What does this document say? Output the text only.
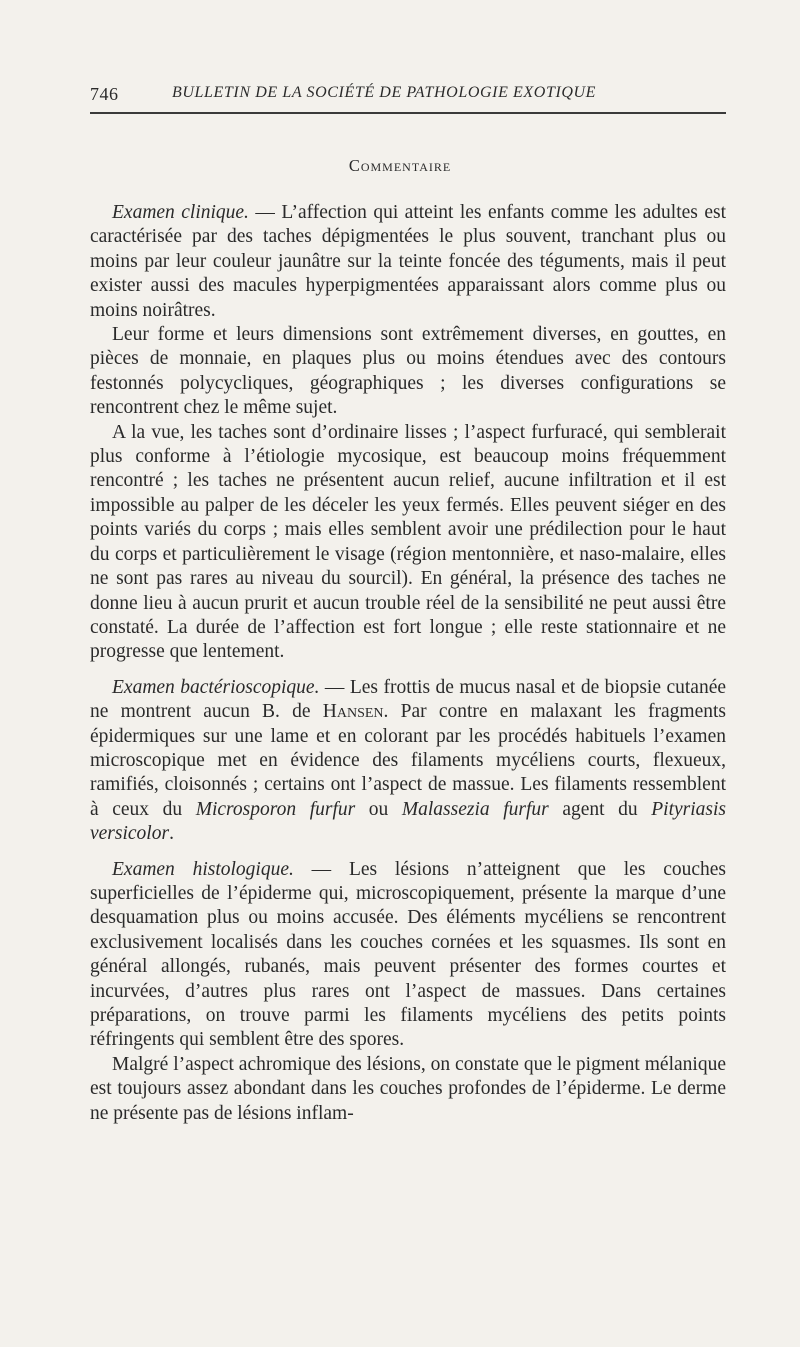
746	BULLETIN DE LA SOCIÉTÉ DE PATHOLOGIE EXOTIQUE
Commentaire

Examen clinique. — L’affection qui atteint les enfants comme les adultes est caractérisée par des taches dépigmentées le plus souvent, tranchant plus ou moins par leur couleur jaunâtre sur la teinte foncée des téguments, mais il peut exister aussi des macules hyperpigmentées apparaissant alors comme plus ou moins noirâtres.

Leur forme et leurs dimensions sont extrêmement diverses, en gouttes, en pièces de monnaie, en plaques plus ou moins étendues avec des contours festonnés polycycliques, géographiques ; les diverses configurations se rencontrent chez le même sujet.

A la vue, les taches sont d’ordinaire lisses ; l’aspect furfuracé, qui semblerait plus conforme à l’étiologie mycosique, est beaucoup moins fréquemment rencontré ; les taches ne présentent aucun relief, aucune infiltration et il est impossible au palper de les déceler les yeux fermés. Elles peuvent siéger en des points variés du corps ; mais elles semblent avoir une prédilection pour le haut du corps et particulièrement le visage (région mentonnière, et naso-malaire, elles ne sont pas rares au niveau du sourcil). En général, la présence des taches ne donne lieu à aucun prurit et aucun trouble réel de la sensibilité ne peut aussi être constaté. La durée de l’affection est fort longue ; elle reste stationnaire et ne progresse que lentement.

Examen bactérioscopique. — Les frottis de mucus nasal et de biopsie cutanée ne montrent aucun B. de Hansen. Par contre en malaxant les fragments épidermiques sur une lame et en colorant par les procédés habituels l’examen microscopique met en évidence des filaments mycéliens courts, flexueux, ramifiés, cloisonnés ; certains ont l’aspect de massue. Les filaments ressemblent à ceux du Microsporon furfur ou Malassezia furfur agent du Pityriasis versicolor.

Examen histologique. — Les lésions n’atteignent que les couches superficielles de l’épiderme qui, microscopiquement, présente la marque d’une desquamation plus ou moins accusée. Des éléments mycéliens se rencontrent exclusivement localisés dans les couches cornées et les squasmes. Ils sont en général allongés, rubanés, mais peuvent présenter des formes courtes et incurvées, d’autres plus rares ont l’aspect de massues. Dans certaines préparations, on trouve parmi les filaments mycéliens des petits points réfringents qui semblent être des spores.

Malgré l’aspect achromique des lésions, on constate que le pigment mélanique est toujours assez abondant dans les couches profondes de l’épiderme. Le derme ne présente pas de lésions inflam-
